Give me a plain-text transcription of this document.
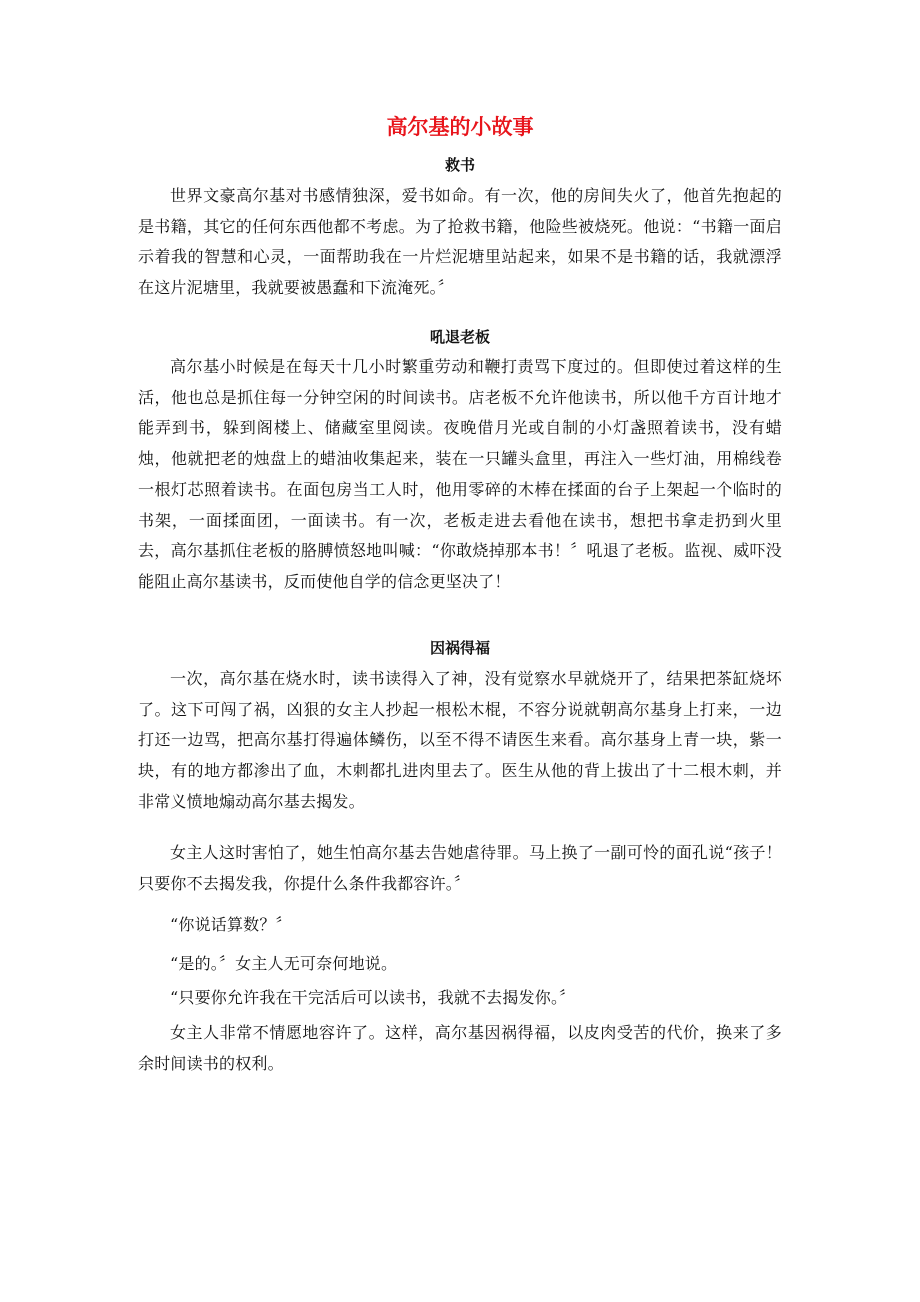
高尔基的小故事
救书

世界文豪高尔基对书感情独深，爱书如命。有一次，他的房间失火了，他首先抱起的是书籍，其它的任何东西他都不考虑。为了抢救书籍，他险些被烧死。他说：“书籍一面启示着我的智慧和心灵，一面帮助我在一片烂泥塘里站起来，如果不是书籍的话，我就漂浮在这片泥塘里，我就要被愚蠢和下流淹死。〞

吼退老板

高尔基小时候是在每天十几小时繁重劳动和鞭打责骂下度过的。但即使过着这样的生活，他也总是抓住每一分钟空闲的时间读书。店老板不允许他读书，所以他千方百计地才能弄到书，躲到阁楼上、储藏室里阅读。夜晚借月光或自制的小灯盏照着读书，没有蜡烛，他就把老的烛盘上的蜡油收集起来，装在一只罐头盒里，再注入一些灯油，用棉线卷一根灯芯照着读书。在面包房当工人时，他用零碎的木棒在揉面的台子上架起一个临时的书架，一面揉面团，一面读书。有一次，老板走进去看他在读书，想把书拿走扔到火里去，高尔基抓住老板的胳膊愤怒地叫喊：“你敢烧掉那本书！〞吼退了老板。监视、威吓没能阻止高尔基读书，反而使他自学的信念更坚决了！

因祸得福

一次，高尔基在烧水时，读书读得入了神，没有觉察水早就烧开了，结果把茶缸烧坏了。这下可闯了祸，凶狠的女主人抄起一根松木棍，不容分说就朝高尔基身上打来，一边打还一边骂，把高尔基打得遍体鳞伤，以至不得不请医生来看。高尔基身上青一块，紫一块，有的地方都渗出了血，木刺都扎进肉里去了。医生从他的背上拔出了十二根木刺，并非常义愤地煽动高尔基去揭发。

女主人这时害怕了，她生怕高尔基去告她虐待罪。马上换了一副可怜的面孔说“孩子！只要你不去揭发我，你提什么条件我都容许。〞

“你说话算数？〞

“是的。〞女主人无可奈何地说。

“只要你允许我在干完活后可以读书，我就不去揭发你。〞

女主人非常不情愿地容许了。这样，高尔基因祸得福，以皮肉受苦的代价，换来了多余时间读书的权利。
